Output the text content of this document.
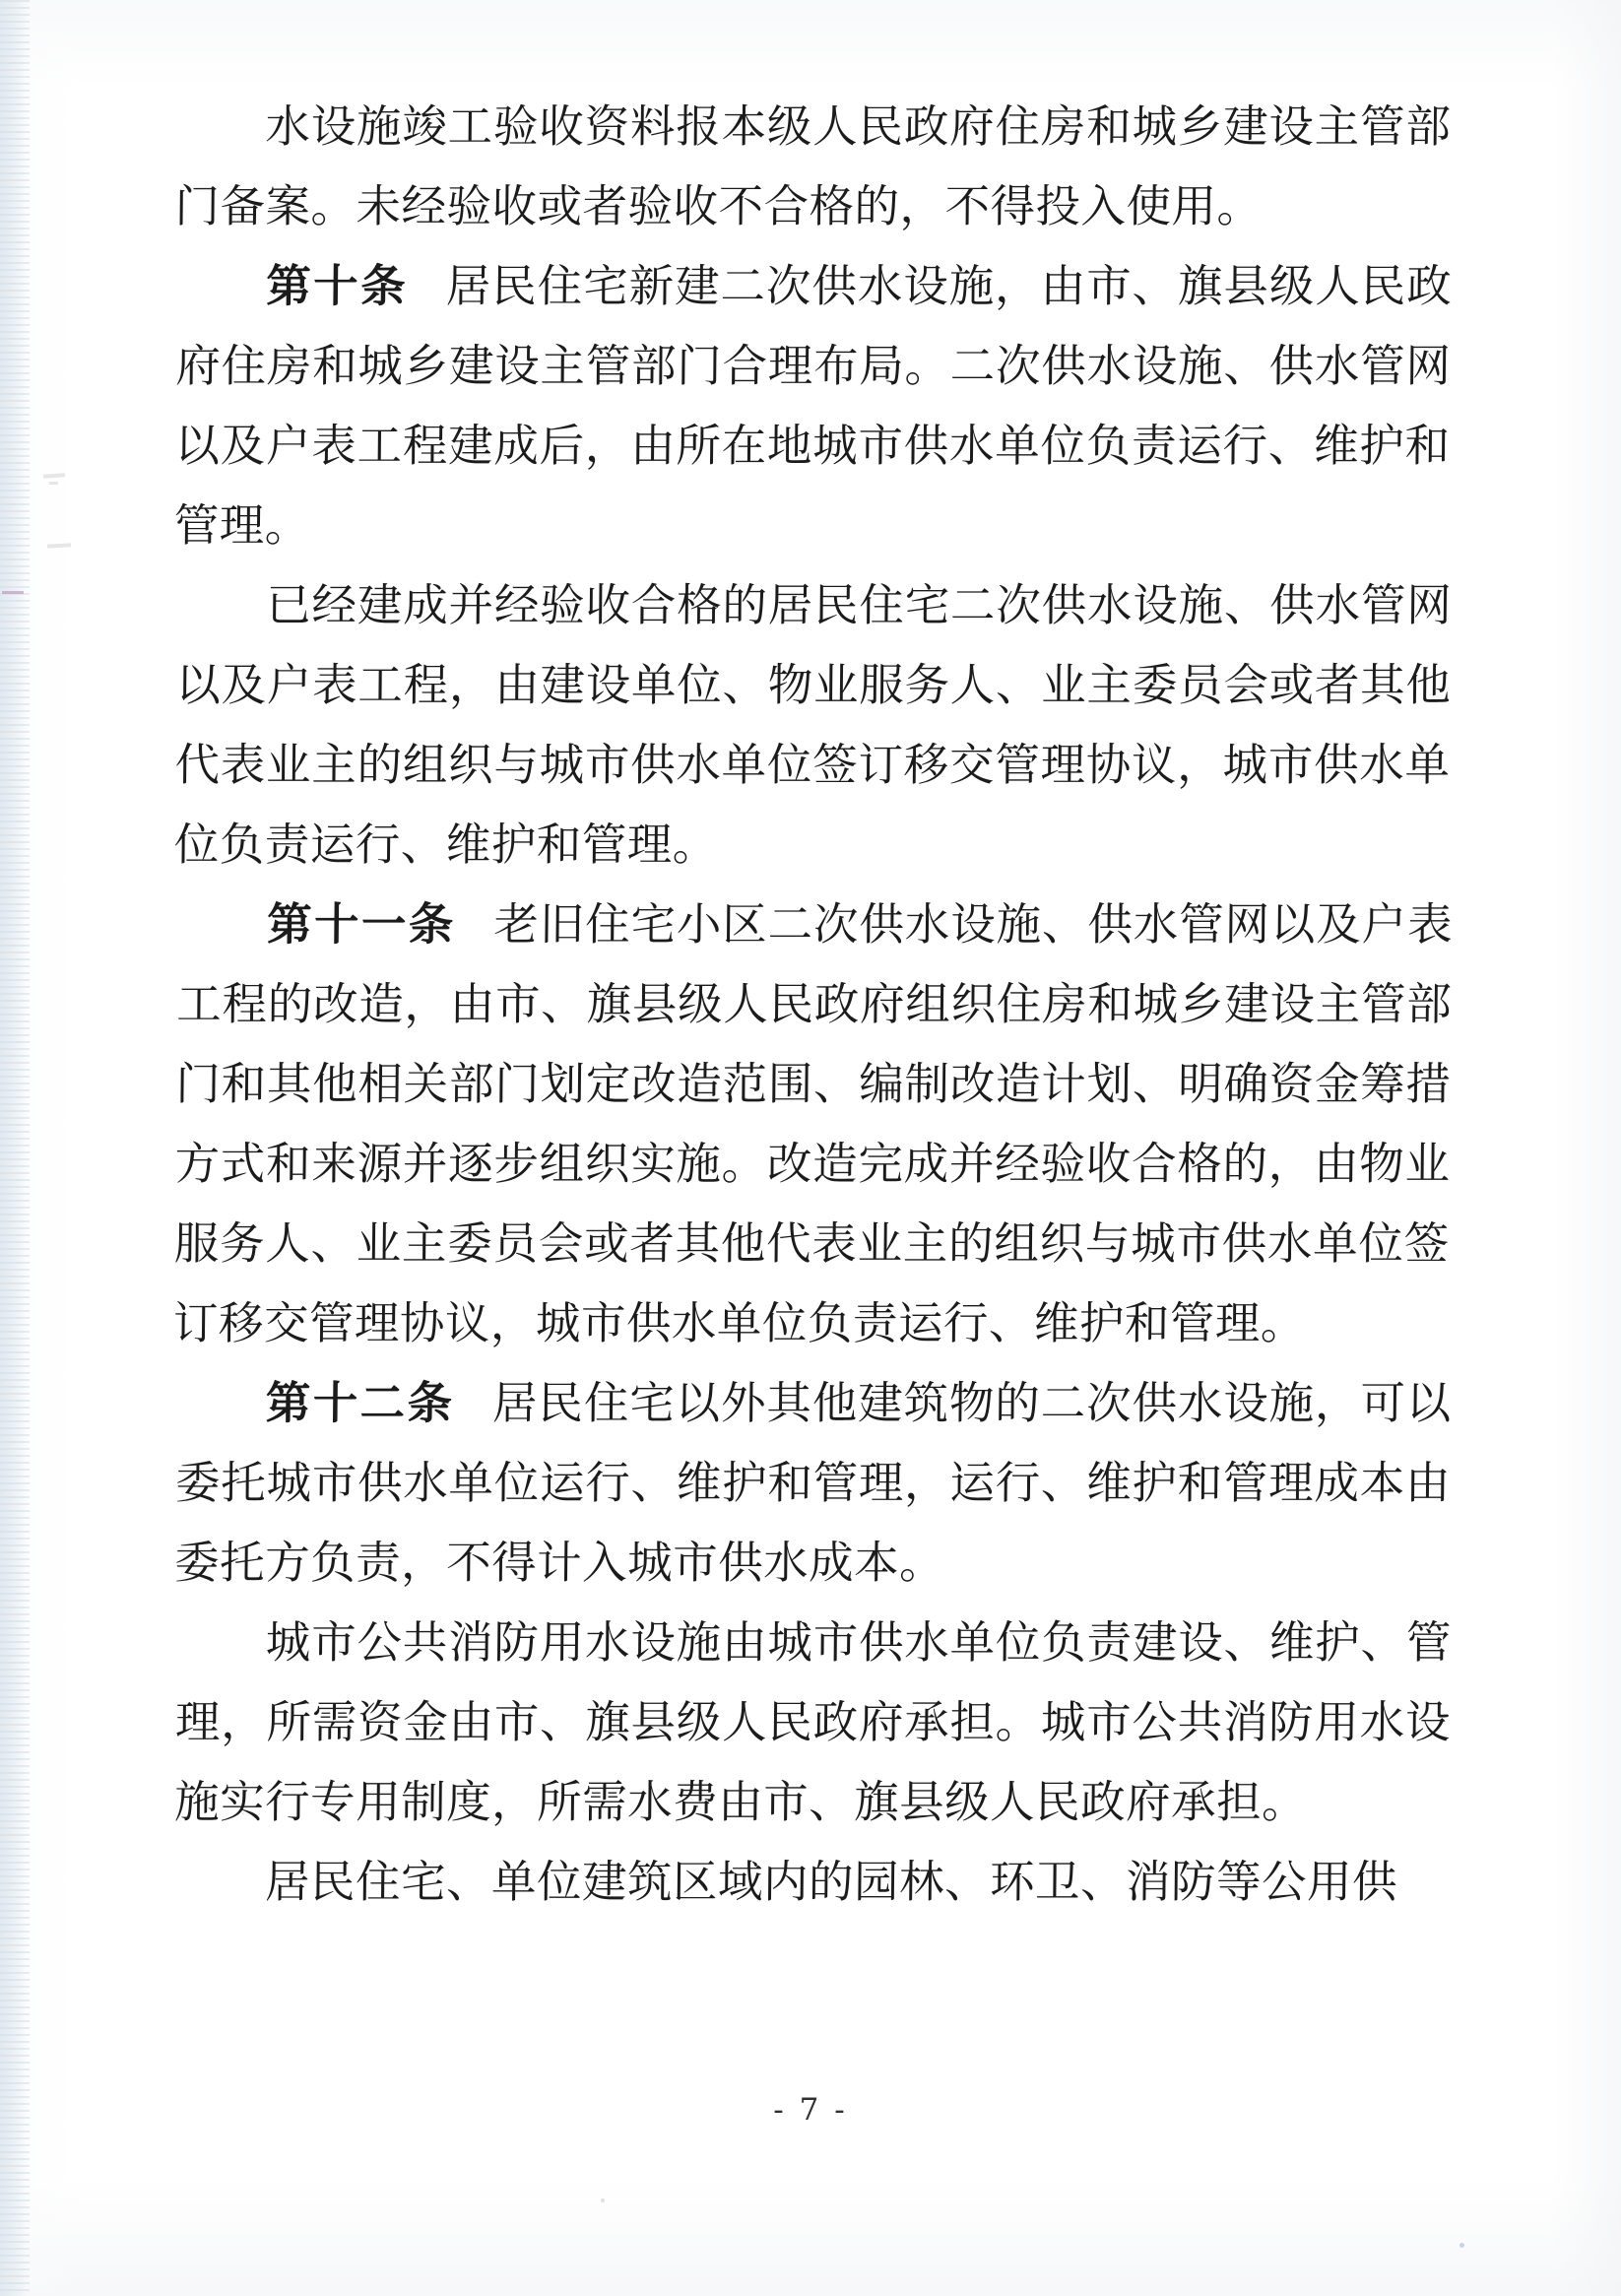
水设施竣工验收资料报本级人民政府住房和城乡建设主管部门备案。未经验收或者验收不合格的，不得投入使用。

第十条 居民住宅新建二次供水设施，由市、旗县级人民政府住房和城乡建设主管部门合理布局。二次供水设施、供水管网以及户表工程建成后，由所在地城市供水单位负责运行、维护和管理。

已经建成并经验收合格的居民住宅二次供水设施、供水管网以及户表工程，由建设单位、物业服务人、业主委员会或者其他代表业主的组织与城市供水单位签订移交管理协议，城市供水单位负责运行、维护和管理。

第十一条 老旧住宅小区二次供水设施、供水管网以及户表工程的改造，由市、旗县级人民政府组织住房和城乡建设主管部门和其他相关部门划定改造范围、编制改造计划、明确资金筹措方式和来源并逐步组织实施。改造完成并经验收合格的，由物业服务人、业主委员会或者其他代表业主的组织与城市供水单位签订移交管理协议，城市供水单位负责运行、维护和管理。

第十二条 居民住宅以外其他建筑物的二次供水设施，可以委托城市供水单位运行、维护和管理，运行、维护和管理成本由委托方负责，不得计入城市供水成本。

城市公共消防用水设施由城市供水单位负责建设、维护、管理，所需资金由市、旗县级人民政府承担。城市公共消防用水设施实行专用制度，所需水费由市、旗县级人民政府承担。

居民住宅、单位建筑区域内的园林、环卫、消防等公用供

- 7 -
